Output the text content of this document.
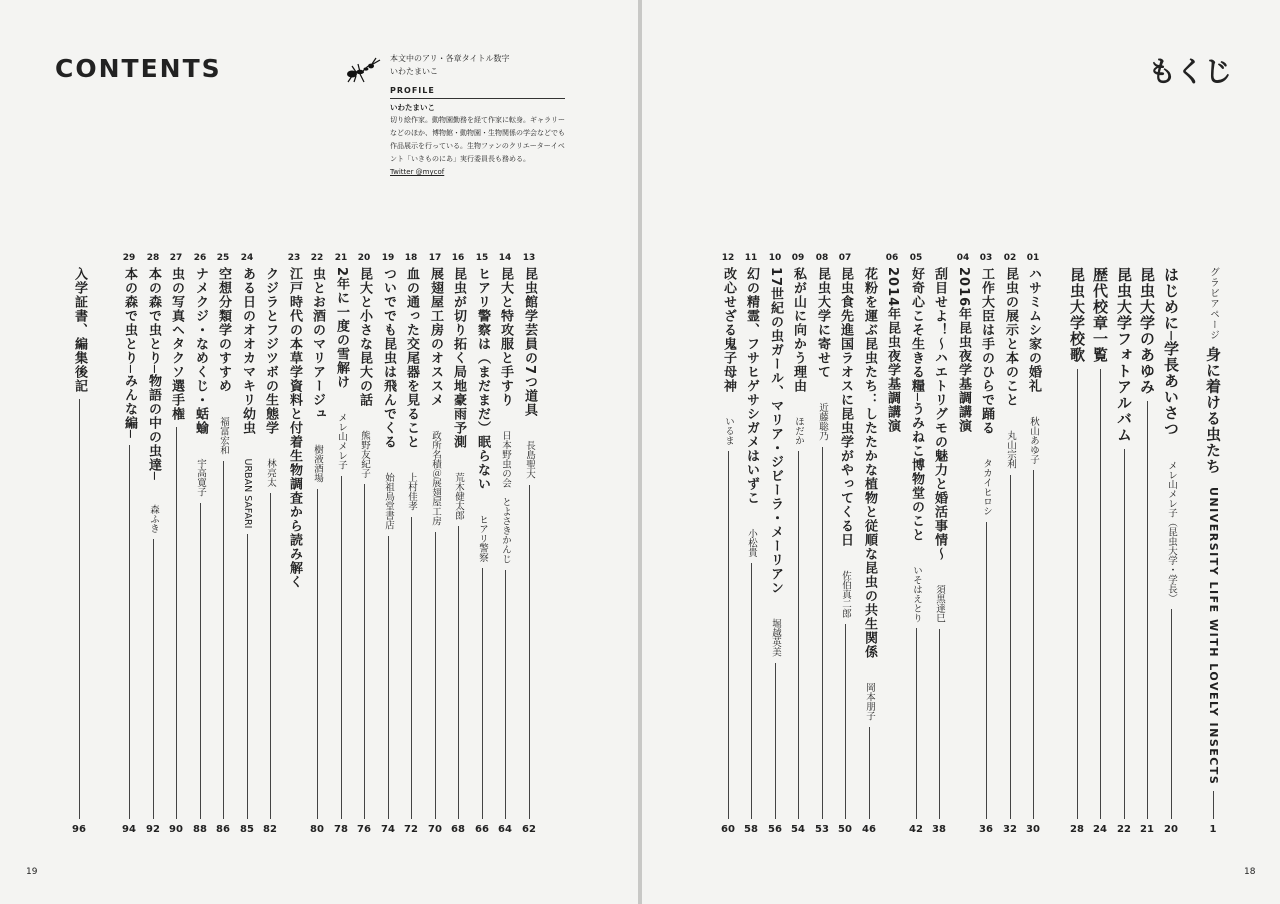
CONTENTS	本文中のアリ・各章タイトル数字
いわたまいこ
PROFILE
いわたまいこ
切り絵作家。動物園勤務を経て作家に転身。ギャラリーなどのほか、博物館・動物園・生物関係の学会などでも作品展示を行っている。生物ファンのクリエーターイベント「いきものにあ」実行委員長も務める。
Twitter @mycof
13
昆虫館学芸員の7つ道具　長島聖大
62
14
昆大と特攻服と手すり　日本野虫の会　とよさきかんじ
64
15
ヒアリ警察は（まだまだ）眠らない　ヒアリ警察
66
16
昆虫が切り拓く局地豪雨予測　荒木健太郎
68
17
展翅屋工房のオススメ　政所名積＠展翅屋工房
70
18
血の通った交尾器を見ること　上村佳孝
72
19
ついででも昆虫は飛んでくる　始祖鳥堂書店
74
20
昆大と小さな昆大の話　熊野友紀子
76
21
2年に一度の雪解け　メレ山メレ子
78
22
虫とお酒のマリアージュ　樹液酒場
80
23
江戸時代の本草学資料と付着生物調査から読み解く
クジラとフジツボの生態学　林亮太
82
24
ある日のオオカマキリ幼虫　URBAN SAFARI
85
25
空想分類学のすすめ　福富宏和
86
26
ナメクジ・なめくじ・蛞蝓　宇高寛子
88
27
虫の写真ヘタクソ選手権
90
28
本の森で虫とり─物語の中の虫達─　森ふき
92
29
本の森で虫とり─みんな編─
94
入学証書、編集後記
96
19
もくじ
グラビアページ身に着ける虫たち　UNIVERSITY LIFE WITH LOVELY INSECTS
1
はじめに─学長あいさつ　メレ山メレ子（昆虫大学・学長）
20
昆虫大学のあゆみ
21
昆虫大学フォトアルバム
22
歴代校章一覧
24
昆虫大学校歌
28
01
ハサミムシ家の婚礼　秋山あゆ子
30
02
昆虫の展示と本のこと　丸山宗利
32
03
工作大臣は手のひらで踊る　タカイヒロシ
36
04
2016年昆虫夜学基調講演
刮目せよ！〜ハエトリグモの魅力と婚活事情〜　須黒達巳
38
05
好奇心こそ生きる糧─うみねこ博物堂のこと　いそはえとり
42
06
2014年昆虫夜学基調講演
花粉を運ぶ昆虫たち：したたかな植物と従順な昆虫の共生関係　岡本朋子
46
07
昆虫食先進国ラオスに昆虫学がやってくる日　佐伯真二郎
50
08
昆虫大学に寄せて　近藤聡乃
53
09
私が山に向かう理由　ほだか
54
10
17世紀の虫ガール、マリア・ジビーラ・メーリアン　堀越英美
56
11
幻の精霊、フサヒゲサシガメはいずこ　小松貴
58
12
改心せざる鬼子母神　いるま
60
18
